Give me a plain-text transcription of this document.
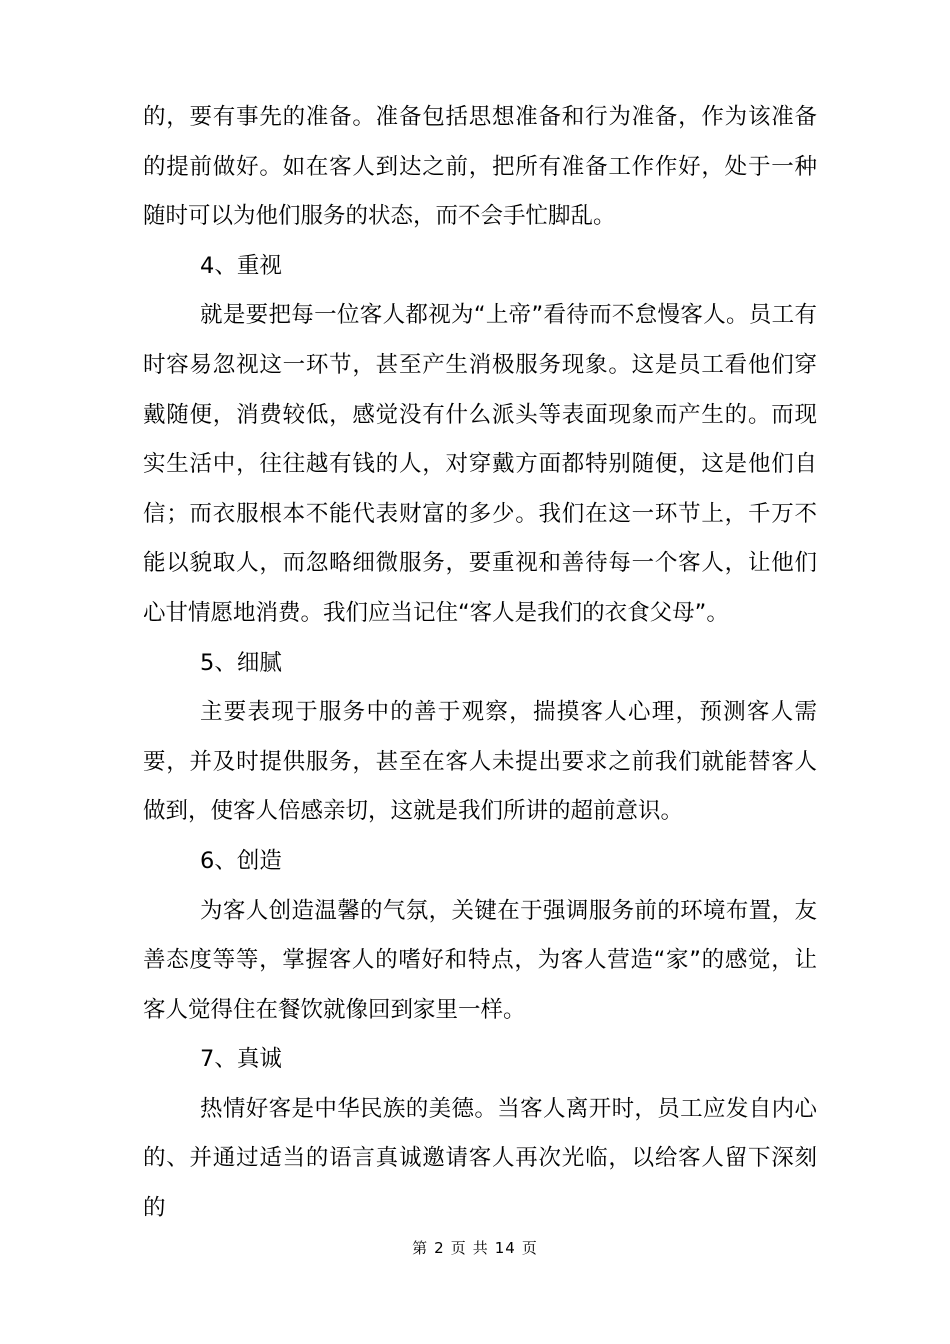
的，要有事先的准备。准备包括思想准备和行为准备，作为该准备的提前做好。如在客人到达之前，把所有准备工作作好，处于一种随时可以为他们服务的状态，而不会手忙脚乱。

4、重视

就是要把每一位客人都视为“上帝”看待而不怠慢客人。员工有时容易忽视这一环节，甚至产生消极服务现象。这是员工看他们穿戴随便，消费较低，感觉没有什么派头等表面现象而产生的。而现实生活中，往往越有钱的人，对穿戴方面都特别随便，这是他们自信；而衣服根本不能代表财富的多少。我们在这一环节上，千万不能以貌取人，而忽略细微服务，要重视和善待每一个客人，让他们心甘情愿地消费。我们应当记住“客人是我们的衣食父母”。

5、细腻

主要表现于服务中的善于观察，揣摸客人心理，预测客人需要，并及时提供服务，甚至在客人未提出要求之前我们就能替客人做到，使客人倍感亲切，这就是我们所讲的超前意识。

6、创造

为客人创造温馨的气氛，关键在于强调服务前的环境布置，友善态度等等，掌握客人的嗜好和特点，为客人营造“家”的感觉，让客人觉得住在餐饮就像回到家里一样。

7、真诚

热情好客是中华民族的美德。当客人离开时，员工应发自内心的、并通过适当的语言真诚邀请客人再次光临，以给客人留下深刻的

第 2 页 共 14 页
